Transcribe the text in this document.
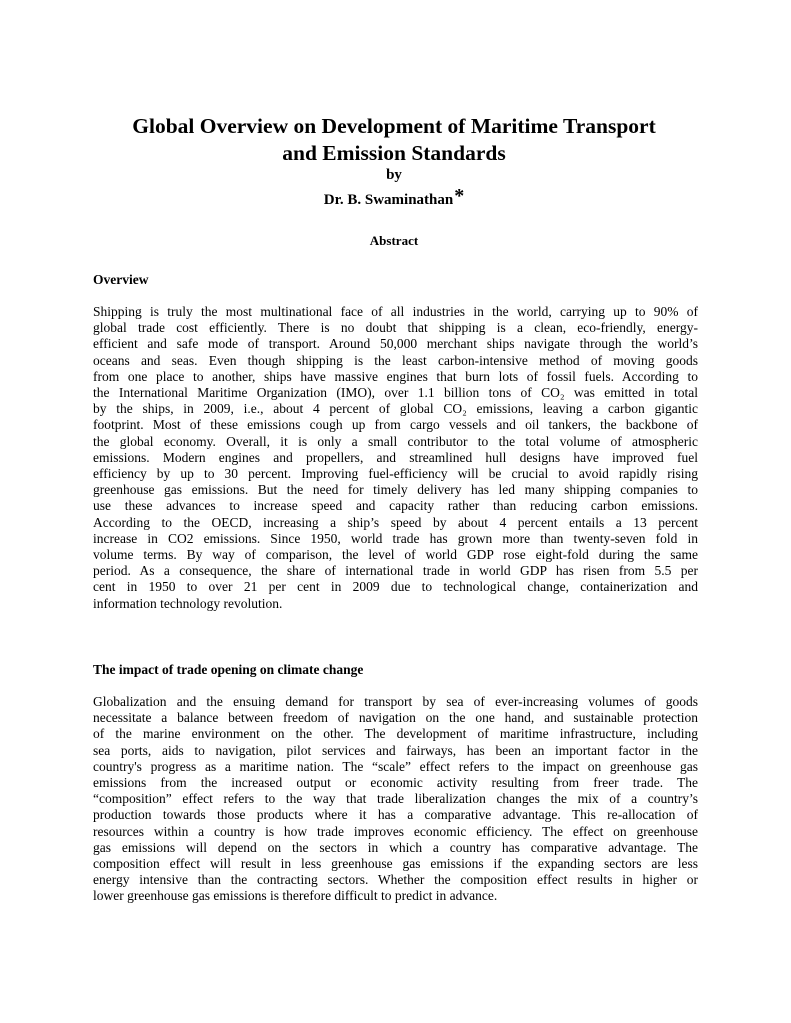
Global Overview on Development of Maritime Transport
and Emission Standards
by
Dr. B. Swaminathan*
Abstract
Overview
Shipping is truly the most multinational face of all industries in the world, carrying up to 90% of
global trade cost efficiently. There is no doubt that shipping is a clean, eco-friendly, energy-
efficient and safe mode of transport. Around 50,000 merchant ships navigate through the world’s
oceans and seas. Even though shipping is the least carbon-intensive method of moving goods
from one place to another, ships have massive engines that burn lots of fossil fuels. According to
the International Maritime Organization (IMO), over 1.1 billion tons of CO₂ was emitted in total
by the ships, in 2009, i.e., about 4 percent of global CO₂ emissions, leaving a carbon gigantic
footprint. Most of these emissions cough up from cargo vessels and oil tankers, the backbone of
the global economy. Overall, it is only a small contributor to the total volume of atmospheric
emissions. Modern engines and propellers, and streamlined hull designs have improved fuel
efficiency by up to 30 percent. Improving fuel-efficiency will be crucial to avoid rapidly rising
greenhouse gas emissions. But the need for timely delivery has led many shipping companies to
use these advances to increase speed and capacity rather than reducing carbon emissions.
According to the OECD, increasing a ship’s speed by about 4 percent entails a 13 percent
increase in CO2 emissions. Since 1950, world trade has grown more than twenty-seven fold in
volume terms. By way of comparison, the level of world GDP rose eight-fold during the same
period. As a consequence, the share of international trade in world GDP has risen from 5.5 per
cent in 1950 to over 21 per cent in 2009 due to technological change, containerization and
information technology revolution.
The impact of trade opening on climate change
Globalization and the ensuing demand for transport by sea of ever-increasing volumes of goods
necessitate a balance between freedom of navigation on the one hand, and sustainable protection
of the marine environment on the other. The development of maritime infrastructure, including
sea ports, aids to navigation, pilot services and fairways, has been an important factor in the
country's progress as a maritime nation. The “scale” effect refers to the impact on greenhouse gas
emissions from the increased output or economic activity resulting from freer trade. The
“composition” effect refers to the way that trade liberalization changes the mix of a country’s
production towards those products where it has a comparative advantage. This re-allocation of
resources within a country is how trade improves economic efficiency. The effect on greenhouse
gas emissions will depend on the sectors in which a country has comparative advantage. The
composition effect will result in less greenhouse gas emissions if the expanding sectors are less
energy intensive than the contracting sectors. Whether the composition effect results in higher or
lower greenhouse gas emissions is therefore difficult to predict in advance.
